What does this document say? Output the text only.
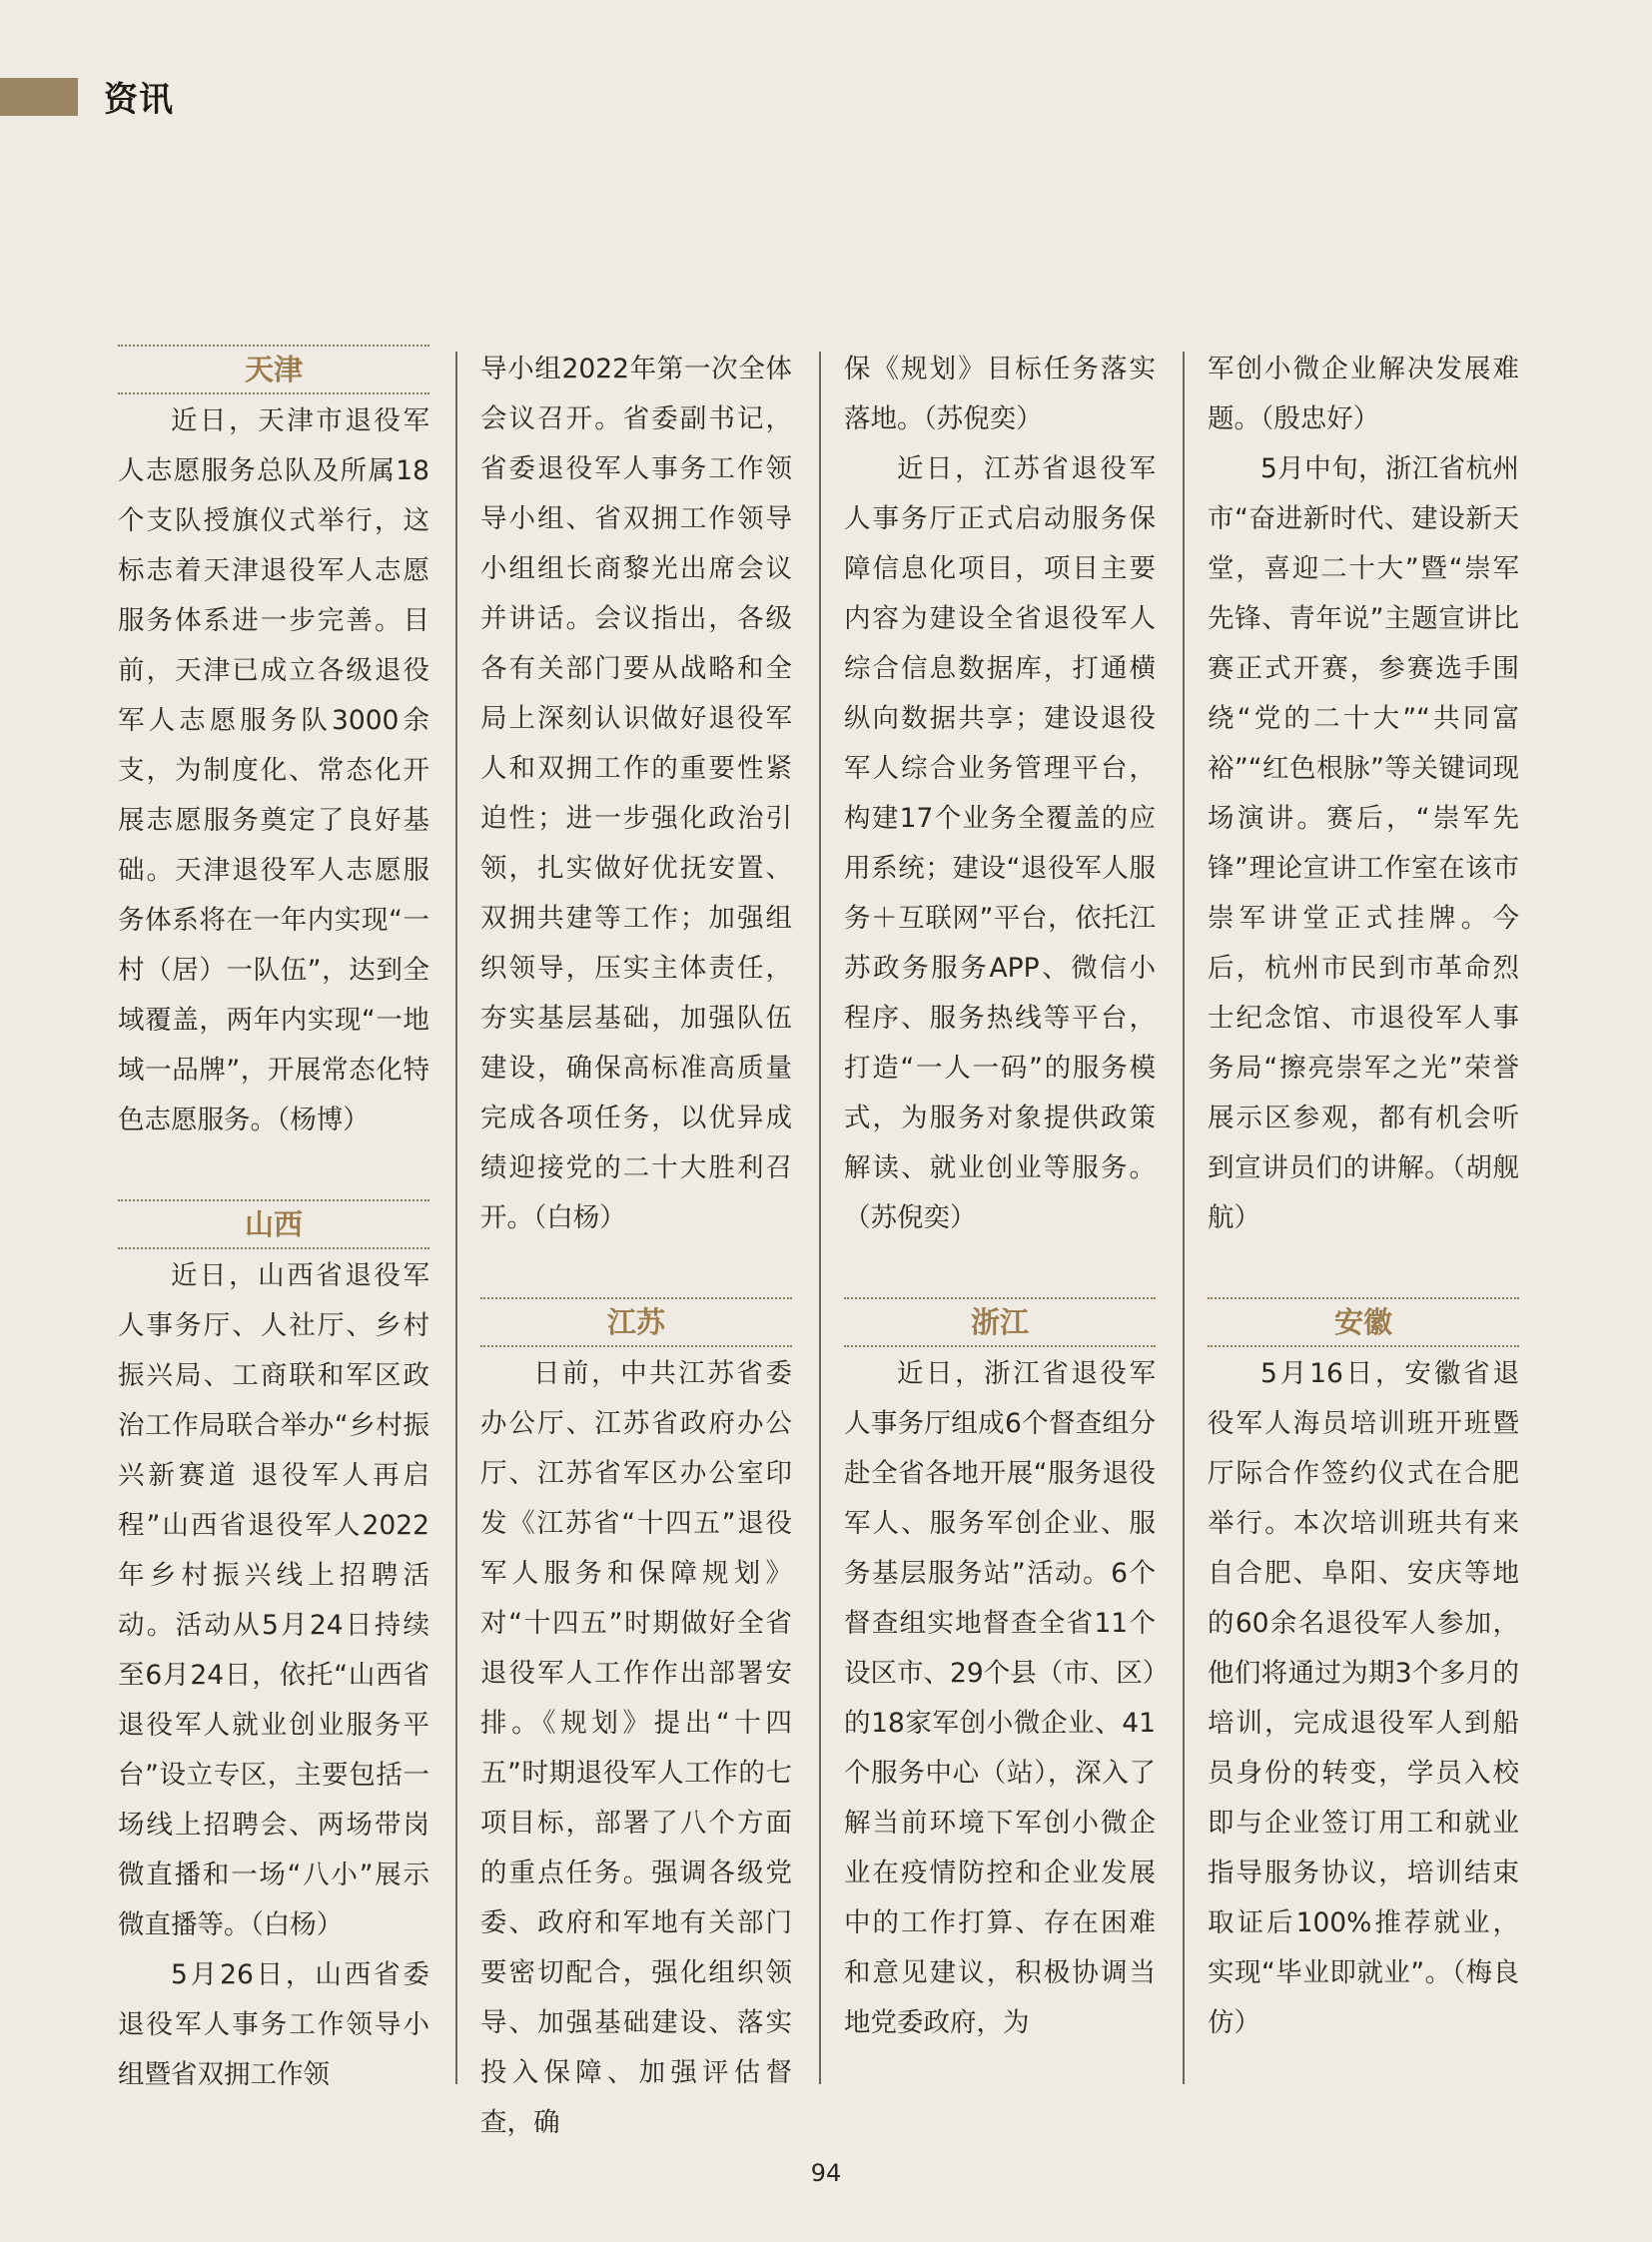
资讯
天津

近日，天津市退役军人志愿服务总队及所属18个支队授旗仪式举行，这标志着天津退役军人志愿服务体系进一步完善。目前，天津已成立各级退役军人志愿服务队3000余支，为制度化、常态化开展志愿服务奠定了良好基础。天津退役军人志愿服务体系将在一年内实现“一村（居）一队伍”，达到全域覆盖，两年内实现“一地域一品牌”，开展常态化特色志愿服务。（杨博）

山西

近日，山西省退役军人事务厅、人社厅、乡村振兴局、工商联和军区政治工作局联合举办“乡村振兴新赛道 退役军人再启程”山西省退役军人2022年乡村振兴线上招聘活动。活动从5月24日持续至6月24日，依托“山西省退役军人就业创业服务平台”设立专区，主要包括一场线上招聘会、两场带岗微直播和一场“八小”展示微直播等。（白杨）

5月26日，山西省委退役军人事务工作领导小组暨省双拥工作领

导小组2022年第一次全体会议召开。省委副书记，省委退役军人事务工作领导小组、省双拥工作领导小组组长商黎光出席会议并讲话。会议指出，各级各有关部门要从战略和全局上深刻认识做好退役军人和双拥工作的重要性紧迫性；进一步强化政治引领，扎实做好优抚安置、双拥共建等工作；加强组织领导，压实主体责任，夯实基层基础，加强队伍建设，确保高标准高质量完成各项任务，以优异成绩迎接党的二十大胜利召开。（白杨）

江苏

日前，中共江苏省委办公厅、江苏省政府办公厅、江苏省军区办公室印发《江苏省“十四五”退役军人服务和保障规划》对“十四五”时期做好全省退役军人工作作出部署安排。《规划》提出“十四五”时期退役军人工作的七项目标，部署了八个方面的重点任务。强调各级党委、政府和军地有关部门要密切配合，强化组织领导、加强基础建设、落实投入保障、加强评估督查，确

保《规划》目标任务落实落地。（苏倪奕）

近日，江苏省退役军人事务厅正式启动服务保障信息化项目，项目主要内容为建设全省退役军人综合信息数据库，打通横纵向数据共享；建设退役军人综合业务管理平台，构建17个业务全覆盖的应用系统；建设“退役军人服务＋互联网”平台，依托江苏政务服务APP、微信小程序、服务热线等平台，打造“一人一码”的服务模式，为服务对象提供政策解读、就业创业等服务。（苏倪奕）

浙江

近日，浙江省退役军人事务厅组成6个督查组分赴全省各地开展“服务退役军人、服务军创企业、服务基层服务站”活动。6个督查组实地督查全省11个设区市、29个县（市、区）的18家军创小微企业、41个服务中心（站），深入了解当前环境下军创小微企业在疫情防控和企业发展中的工作打算、存在困难和意见建议，积极协调当地党委政府，为

军创小微企业解决发展难题。（殷忠好）

5月中旬，浙江省杭州市“奋进新时代、建设新天堂，喜迎二十大”暨“崇军先锋、青年说”主题宣讲比赛正式开赛，参赛选手围绕“党的二十大”“共同富裕”“红色根脉”等关键词现场演讲。赛后，“崇军先锋”理论宣讲工作室在该市崇军讲堂正式挂牌。今后，杭州市民到市革命烈士纪念馆、市退役军人事务局“擦亮崇军之光”荣誉展示区参观，都有机会听到宣讲员们的讲解。（胡舰航）

安徽

5月16日，安徽省退役军人海员培训班开班暨厅际合作签约仪式在合肥举行。本次培训班共有来自合肥、阜阳、安庆等地的60余名退役军人参加，他们将通过为期3个多月的培训，完成退役军人到船员身份的转变，学员入校即与企业签订用工和就业指导服务协议，培训结束取证后100%推荐就业，实现“毕业即就业”。（梅良仿）

94
